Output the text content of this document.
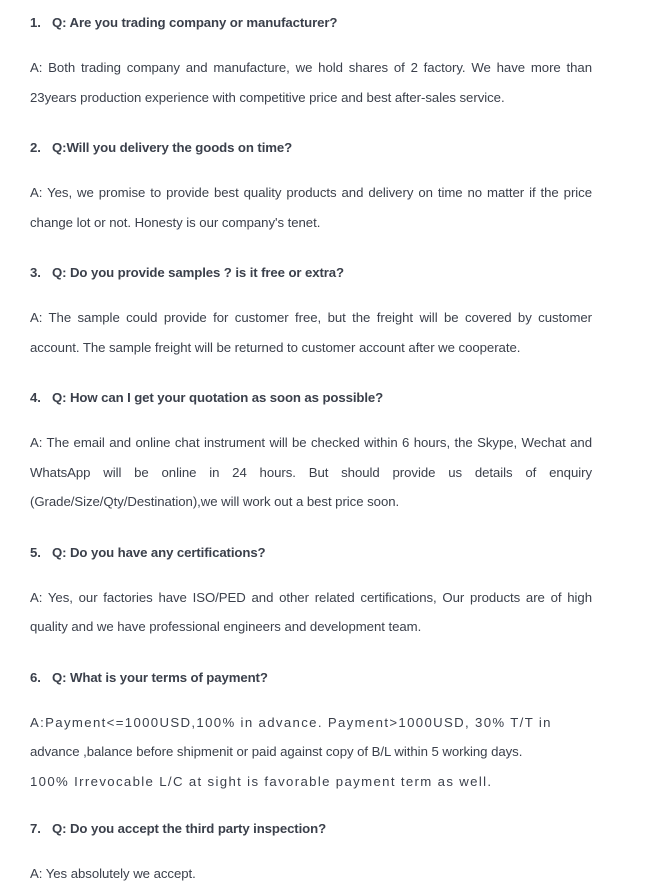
1. Q: Are you trading company or manufacturer?

A: Both trading company and manufacture, we hold shares of 2 factory. We have more than 23years production experience with competitive price and best after-sales service.

2. Q:Will you delivery the goods on time?

A: Yes, we promise to provide best quality products and delivery on time no matter if the price change lot or not. Honesty is our company's tenet.

3. Q: Do you provide samples ? is it free or extra?

A: The sample could provide for customer free, but the freight will be covered by customer account. The sample freight will be returned to customer account after we cooperate.

4. Q: How can I get your quotation as soon as possible?

A: The email and online chat instrument will be checked within 6 hours, the Skype, Wechat and WhatsApp will be online in 24 hours. But should provide us details of enquiry (Grade/Size/Qty/Destination),we will work out a best price soon.

5. Q: Do you have any certifications?

A: Yes, our factories have ISO/PED and other related certifications, Our products are of high quality and we have professional engineers and development team.

6. Q: What is your terms of payment?

A:Payment<=1000USD,100% in advance. Payment>1000USD, 30% T/T in

advance ,balance before shipmenit or paid against copy of B/L within 5 working days.

100% Irrevocable L/C at sight is favorable payment term as well.

7. Q: Do you accept the third party inspection?

A: Yes absolutely we accept.
